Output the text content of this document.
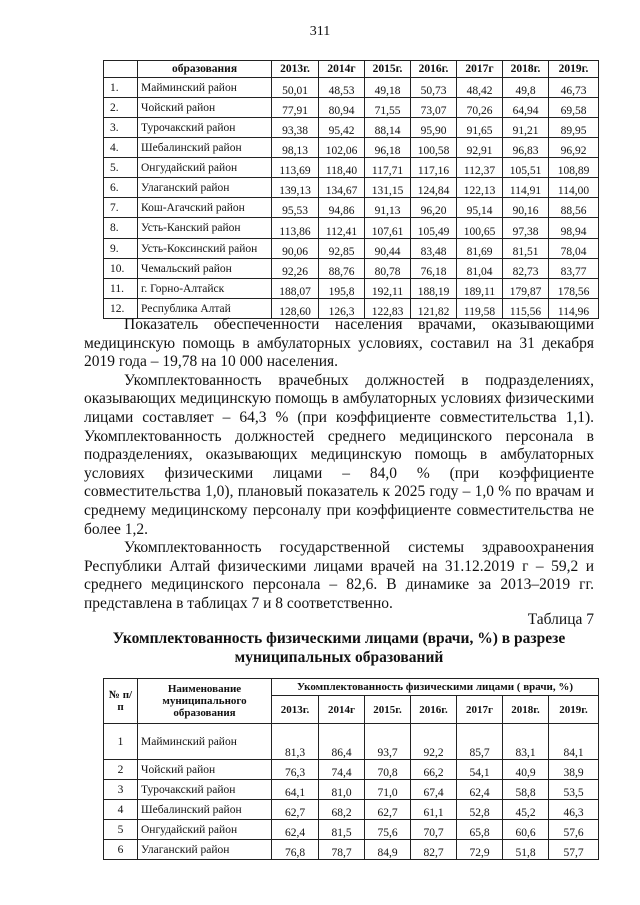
311
	образования	2013г.	2014г	2015г.	2016г.	2017г	2018г.	2019г.
1.	Майминский район	50,01	48,53	49,18	50,73	48,42	49,8	46,73
2.	Чойский район	77,91	80,94	71,55	73,07	70,26	64,94	69,58
3.	Турочакский район	93,38	95,42	88,14	95,90	91,65	91,21	89,95
4.	Шебалинский район	98,13	102,06	96,18	100,58	92,91	96,83	96,92
5.	Онгудайский район	113,69	118,40	117,71	117,16	112,37	105,51	108,89
6.	Улаганский район	139,13	134,67	131,15	124,84	122,13	114,91	114,00
7.	Кош-Агачский район	95,53	94,86	91,13	96,20	95,14	90,16	88,56
8.	Усть-Канский район	113,86	112,41	107,61	105,49	100,65	97,38	98,94
9.	Усть-Коксинский район	90,06	92,85	90,44	83,48	81,69	81,51	78,04
10.	Чемальский район	92,26	88,76	80,78	76,18	81,04	82,73	83,77
11.	г. Горно-Алтайск	188,07	195,8	192,11	188,19	189,11	179,87	178,56
12.	Республика Алтай	128,60	126,3	122,83	121,82	119,58	115,56	114,96

Показатель обеспеченности населения врачами, оказывающими медицинскую помощь в амбулаторных условиях, составил на 31 декабря 2019 года – 19,78 на 10 000 населения.

Укомплектованность врачебных должностей в подразделениях, оказывающих медицинскую помощь в амбулаторных условиях физическими лицами составляет – 64,3 % (при коэффициенте совместительства 1,1). Укомплектованность должностей среднего медицинского персонала в подразделениях, оказывающих медицинскую помощь в амбулаторных условиях физическими лицами – 84,0 % (при коэффициенте совместительства 1,0), плановый показатель к 2025 году – 1,0 % по врачам и среднему медицинскому персоналу при коэффициенте совместительства не более 1,2.

Укомплектованность государственной системы здравоохранения Республики Алтай физическими лицами врачей на 31.12.2019 г – 59,2 и среднего медицинского персонала – 82,6. В динамике за 2013–2019 гг. представлена в таблицах 7 и 8 соответственно.

Таблица 7
Укомплектованность физическими лицами (врачи, %) в разрезе муниципальных образований
№ п/п	Наименование муниципального образования	Укомплектованность физическими лицами ( врачи, %)						
		2013г.	2014г	2015г.	2016г.	2017г	2018г.	2019г.
1	Майминский район	81,3	86,4	93,7	92,2	85,7	83,1	84,1
2	Чойский район	76,3	74,4	70,8	66,2	54,1	40,9	38,9
3	Турочакский район	64,1	81,0	71,0	67,4	62,4	58,8	53,5
4	Шебалинский район	62,7	68,2	62,7	61,1	52,8	45,2	46,3
5	Онгудайский район	62,4	81,5	75,6	70,7	65,8	60,6	57,6
6	Улаганский район	76,8	78,7	84,9	82,7	72,9	51,8	57,7
